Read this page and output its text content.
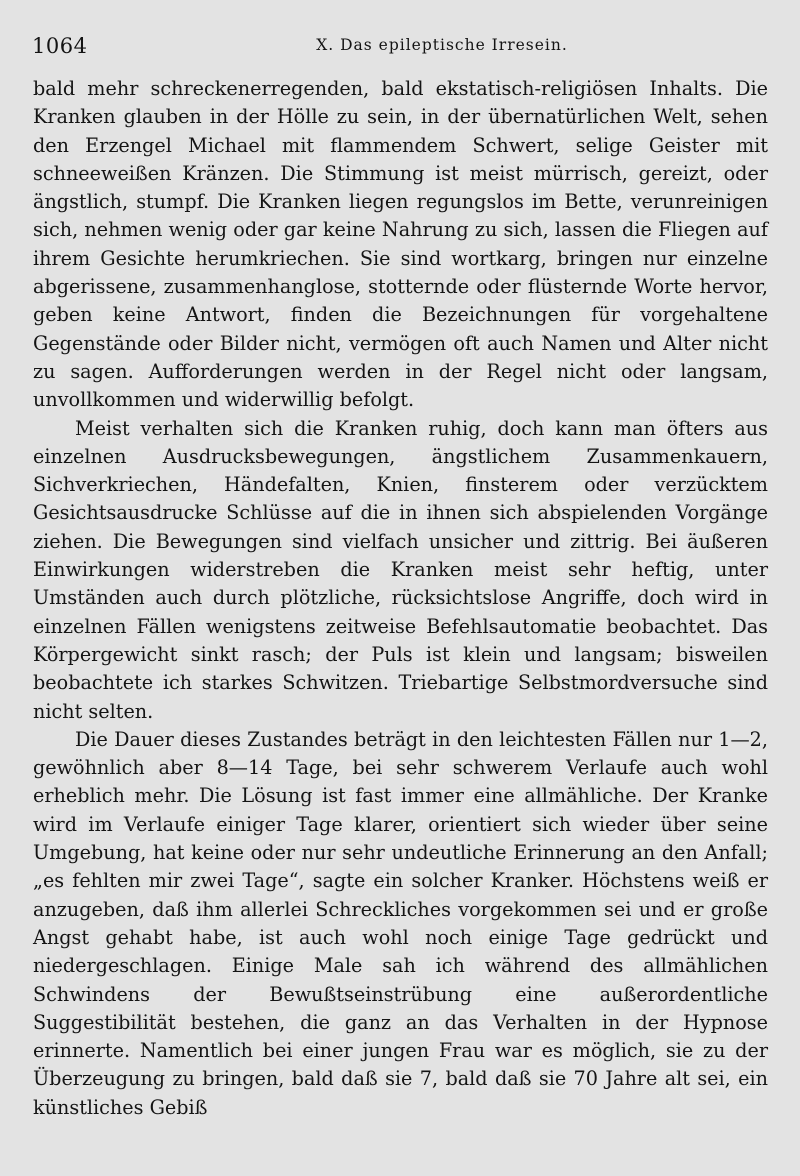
1064	X. Das epileptische Irresein.

bald mehr schreckenerregenden, bald ekstatisch-religiösen Inhalts. Die Kranken glauben in der Hölle zu sein, in der übernatürlichen Welt, sehen den Erzengel Michael mit flammendem Schwert, selige Geister mit schneeweißen Kränzen. Die Stimmung ist meist mürrisch, gereizt, oder ängstlich, stumpf. Die Kranken liegen regungslos im Bette, verunreinigen sich, nehmen wenig oder gar keine Nahrung zu sich, lassen die Fliegen auf ihrem Gesichte herumkriechen. Sie sind wortkarg, bringen nur einzelne abgerissene, zusammenhanglose, stotternde oder flüsternde Worte hervor, geben keine Antwort, finden die Bezeichnungen für vorgehaltene Gegenstände oder Bilder nicht, vermögen oft auch Namen und Alter nicht zu sagen. Aufforderungen werden in der Regel nicht oder langsam, unvollkommen und widerwillig befolgt.

Meist verhalten sich die Kranken ruhig, doch kann man öfters aus einzelnen Ausdrucksbewegungen, ängstlichem Zusammenkauern, Sichverkriechen, Händefalten, Knien, finsterem oder verzücktem Gesichtsausdrucke Schlüsse auf die in ihnen sich abspielenden Vorgänge ziehen. Die Bewegungen sind vielfach unsicher und zittrig. Bei äußeren Einwirkungen widerstreben die Kranken meist sehr heftig, unter Umständen auch durch plötzliche, rücksichtslose Angriffe, doch wird in einzelnen Fällen wenigstens zeitweise Befehlsautomatie beobachtet. Das Körpergewicht sinkt rasch; der Puls ist klein und langsam; bisweilen beobachtete ich starkes Schwitzen. Triebartige Selbstmordversuche sind nicht selten.

Die Dauer dieses Zustandes beträgt in den leichtesten Fällen nur 1—2, gewöhnlich aber 8—14 Tage, bei sehr schwerem Verlaufe auch wohl erheblich mehr. Die Lösung ist fast immer eine allmähliche. Der Kranke wird im Verlaufe einiger Tage klarer, orientiert sich wieder über seine Umgebung, hat keine oder nur sehr undeutliche Erinnerung an den Anfall; „es fehlten mir zwei Tage“, sagte ein solcher Kranker. Höchstens weiß er anzugeben, daß ihm allerlei Schreckliches vorgekommen sei und er große Angst gehabt habe, ist auch wohl noch einige Tage gedrückt und niedergeschlagen. Einige Male sah ich während des allmählichen Schwindens der Bewußtseinstrübung eine außerordentliche Suggestibilität bestehen, die ganz an das Verhalten in der Hypnose erinnerte. Namentlich bei einer jungen Frau war es möglich, sie zu der Überzeugung zu bringen, bald daß sie 7, bald daß sie 70 Jahre alt sei, ein künstliches Gebiß
